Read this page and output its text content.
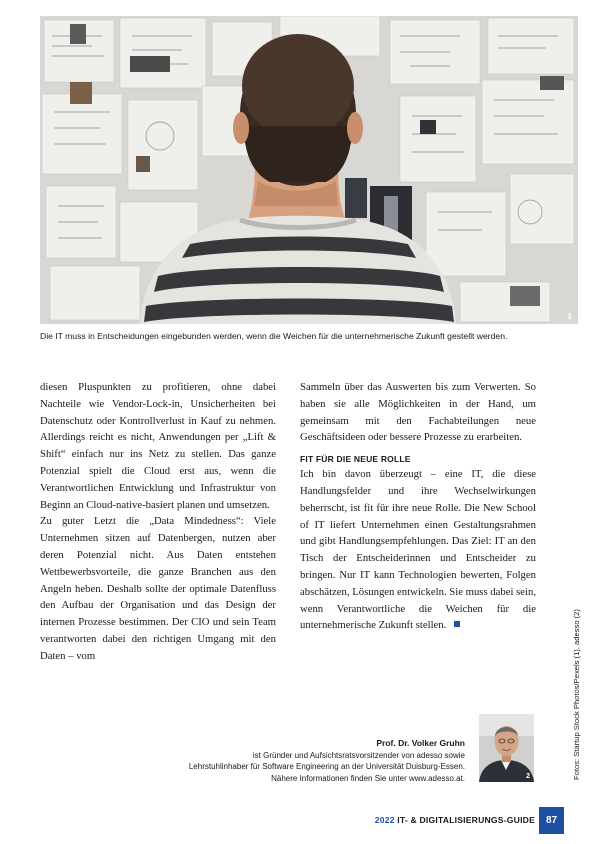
1
Die IT muss in Entscheidungen eingebunden werden, wenn die Weichen für die unternehmerische Zukunft gestellt werden.

diesen Pluspunkten zu profitieren, ohne dabei Nachteile wie Vendor-Lock-in, Unsicherheiten bei Datenschutz oder Kontrollverlust in Kauf zu nehmen. Allerdings reicht es nicht, Anwendungen per „Lift & Shift“ einfach nur ins Netz zu stellen. Das ganze Potenzial spielt die Cloud erst aus, wenn die Verantwortlichen Entwicklung und Infrastruktur von Beginn an Cloud-native-basiert planen und umsetzen.

Zu guter Letzt die „Data Mindedness“: Viele Unternehmen sitzen auf Datenbergen, nutzen aber deren Potenzial nicht. Aus Daten entstehen Wettbewerbsvorteile, die ganze Branchen aus den Angeln heben. Deshalb sollte der optimale Datenfluss den Aufbau der Organisation und das Design der internen Prozesse bestimmen. Der CIO und sein Team verantworten dabei den richtigen Umgang mit den Daten – vom

Sammeln über das Auswerten bis zum Verwerten. So haben sie alle Möglichkeiten in der Hand, um gemeinsam mit den Fachabteilungen neue Geschäftsideen oder bessere Prozesse zu erarbeiten.

FIT FÜR DIE NEUE ROLLE

Ich bin davon überzeugt – eine IT, die diese Handlungsfelder und ihre Wechselwirkungen beherrscht, ist fit für ihre neue Rolle. Die New School of IT liefert Unternehmen einen Gestaltungsrahmen und gibt Handlungsempfehlungen. Das Ziel: IT an den Tisch der Entscheiderinnen und Entscheider zu bringen. Nur IT kann Technologien bewerten, Folgen abschätzen, Lösungen entwickeln. Sie muss dabei sein, wenn Verantwortliche die Weichen für die unternehmerische Zukunft stellen.	Fotos: Startup Stock Photos/Pexels (1), adesso (2)
Prof. Dr. Volker Gruhn
ist Gründer und Aufsichtsratsvorsitzender von adesso sowie
Lehrstuhlinhaber für Software Engineering an der Universität Duisburg-Essen.
Nähere Informationen finden Sie unter www.adesso.at.	2
2022 IT- & DIGITALISIERUNGS-GUIDE	87
